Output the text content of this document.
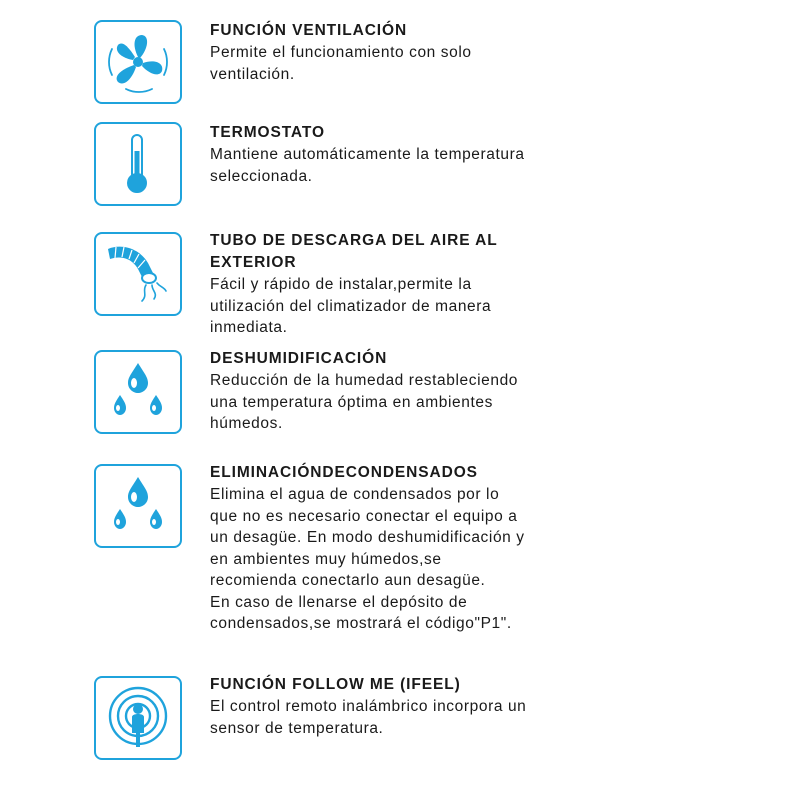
FUNCIÓN VENTILACIÓN

Permite el funcionamiento con solo
ventilación.

TERMOSTATO

Mantiene automáticamente la temperatura
seleccionada.

TUBO DE DESCARGA DEL AIRE AL
EXTERIOR

Fácil y rápido de instalar,permite la
utilización del climatizador de manera
inmediata.

DESHUMIDIFICACIÓN

Reducción de la humedad restableciendo
una temperatura óptima en ambientes
húmedos.

ELIMINACIÓNDECONDENSADOS

Elimina el agua de condensados por lo
que no es necesario conectar el equipo a
un desagüe. En modo deshumidificación y
en ambientes muy húmedos,se
recomienda conectarlo aun desagüe.
En caso de llenarse el depósito de
condensados,se mostrará el código"P1".

FUNCIÓN FOLLOW ME (IFEEL)

El control remoto inalámbrico incorpora un
sensor de temperatura.
